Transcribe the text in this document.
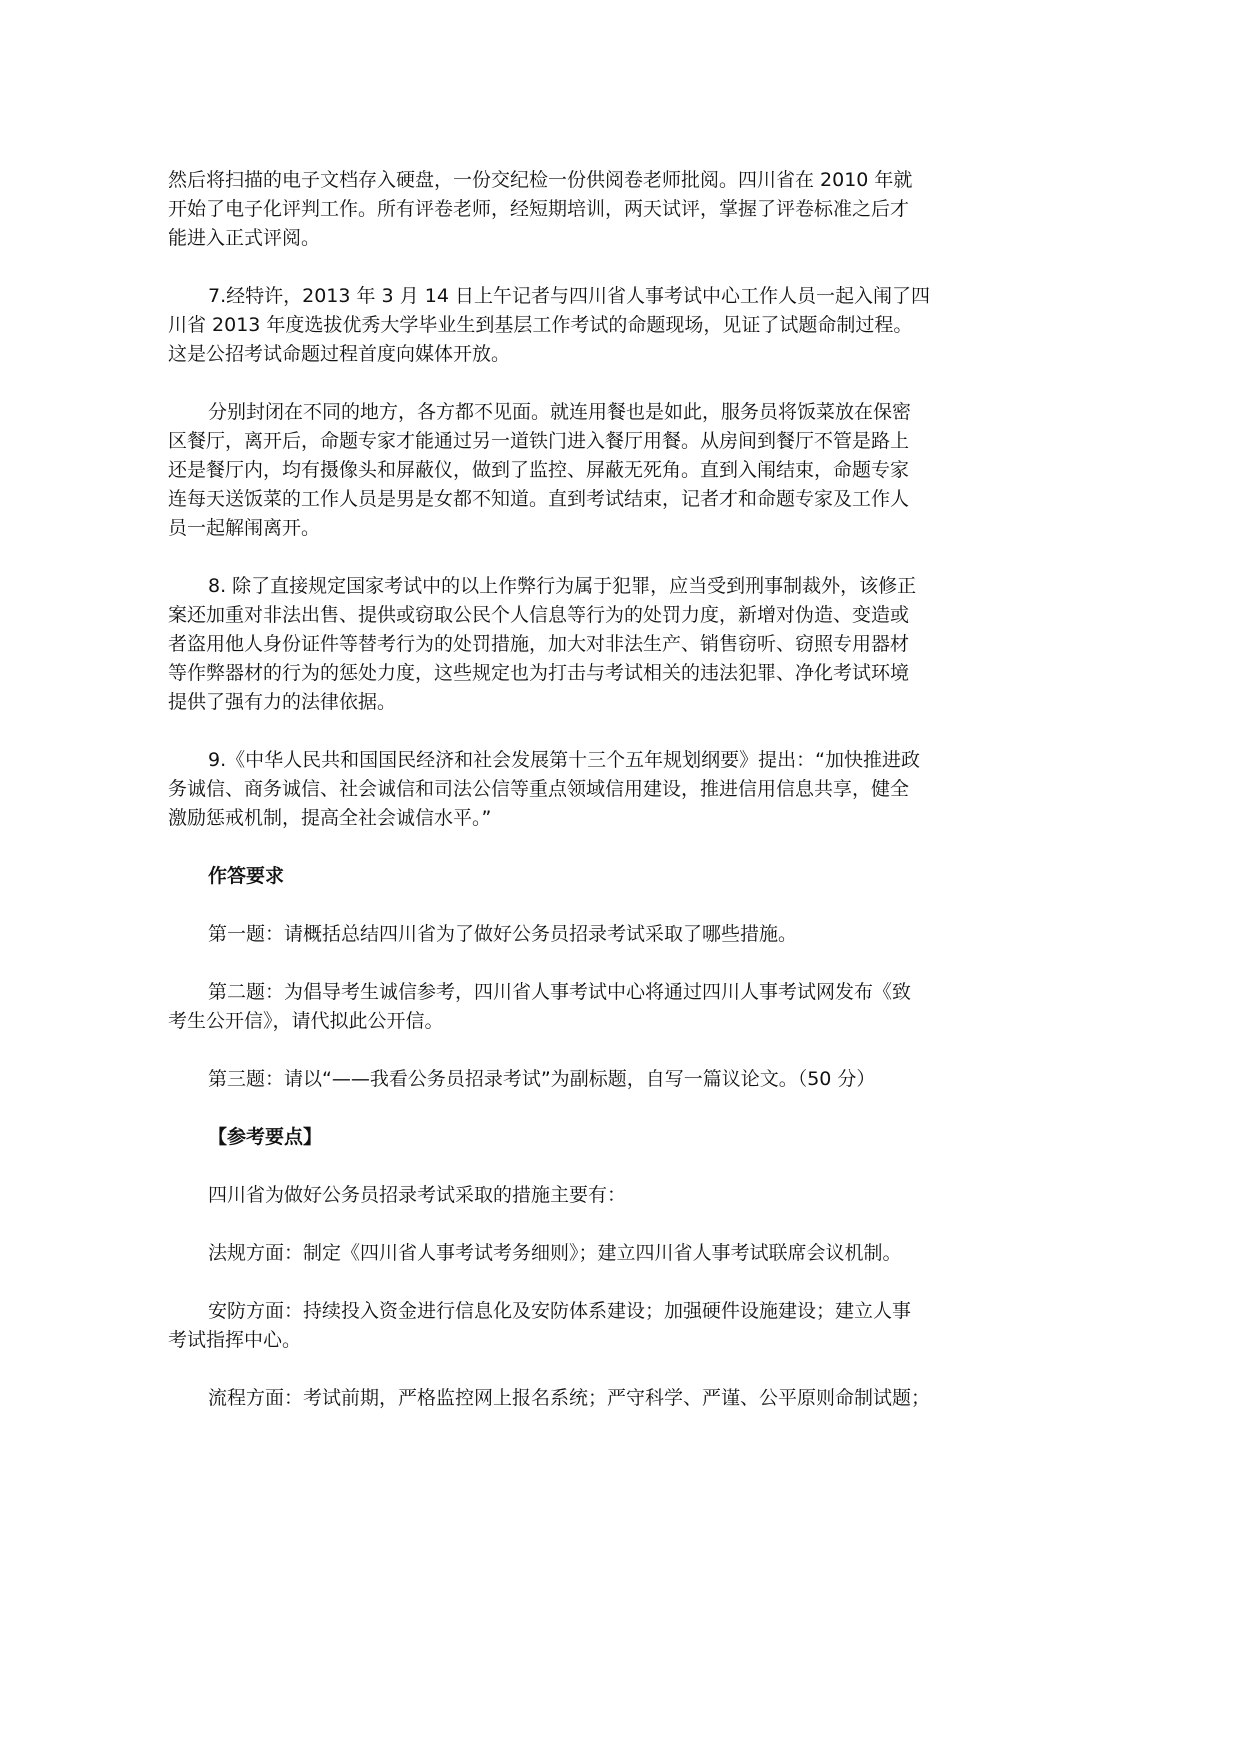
然后将扫描的电子文档存入硬盘，一份交纪检一份供阅卷老师批阅。四川省在 2010 年就
开始了电子化评判工作。所有评卷老师，经短期培训，两天试评，掌握了评卷标准之后才
能进入正式评阅。
7.经特许，2013 年 3 月 14 日上午记者与四川省人事考试中心工作人员一起入闱了四
川省 2013 年度选拔优秀大学毕业生到基层工作考试的命题现场，见证了试题命制过程。
这是公招考试命题过程首度向媒体开放。
分别封闭在不同的地方，各方都不见面。就连用餐也是如此，服务员将饭菜放在保密
区餐厅，离开后，命题专家才能通过另一道铁门进入餐厅用餐。从房间到餐厅不管是路上
还是餐厅内，均有摄像头和屏蔽仪，做到了监控、屏蔽无死角。直到入闱结束，命题专家
连每天送饭菜的工作人员是男是女都不知道。直到考试结束，记者才和命题专家及工作人
员一起解闱离开。
8. 除了直接规定国家考试中的以上作弊行为属于犯罪，应当受到刑事制裁外，该修正
案还加重对非法出售、提供或窃取公民个人信息等行为的处罚力度，新增对伪造、变造或
者盗用他人身份证件等替考行为的处罚措施，加大对非法生产、销售窃听、窃照专用器材
等作弊器材的行为的惩处力度，这些规定也为打击与考试相关的违法犯罪、净化考试环境
提供了强有力的法律依据。
9.《中华人民共和国国民经济和社会发展第十三个五年规划纲要》提出：“加快推进政
务诚信、商务诚信、社会诚信和司法公信等重点领域信用建设，推进信用信息共享，健全
激励惩戒机制，提高全社会诚信水平。”
作答要求
第一题：请概括总结四川省为了做好公务员招录考试采取了哪些措施。
第二题：为倡导考生诚信参考，四川省人事考试中心将通过四川人事考试网发布《致
考生公开信》，请代拟此公开信。
第三题：请以“——我看公务员招录考试”为副标题，自写一篇议论文。（50 分）
【参考要点】
四川省为做好公务员招录考试采取的措施主要有：
法规方面：制定《四川省人事考试考务细则》；建立四川省人事考试联席会议机制。
安防方面：持续投入资金进行信息化及安防体系建设；加强硬件设施建设；建立人事
考试指挥中心。
流程方面：考试前期，严格监控网上报名系统；严守科学、严谨、公平原则命制试题；
